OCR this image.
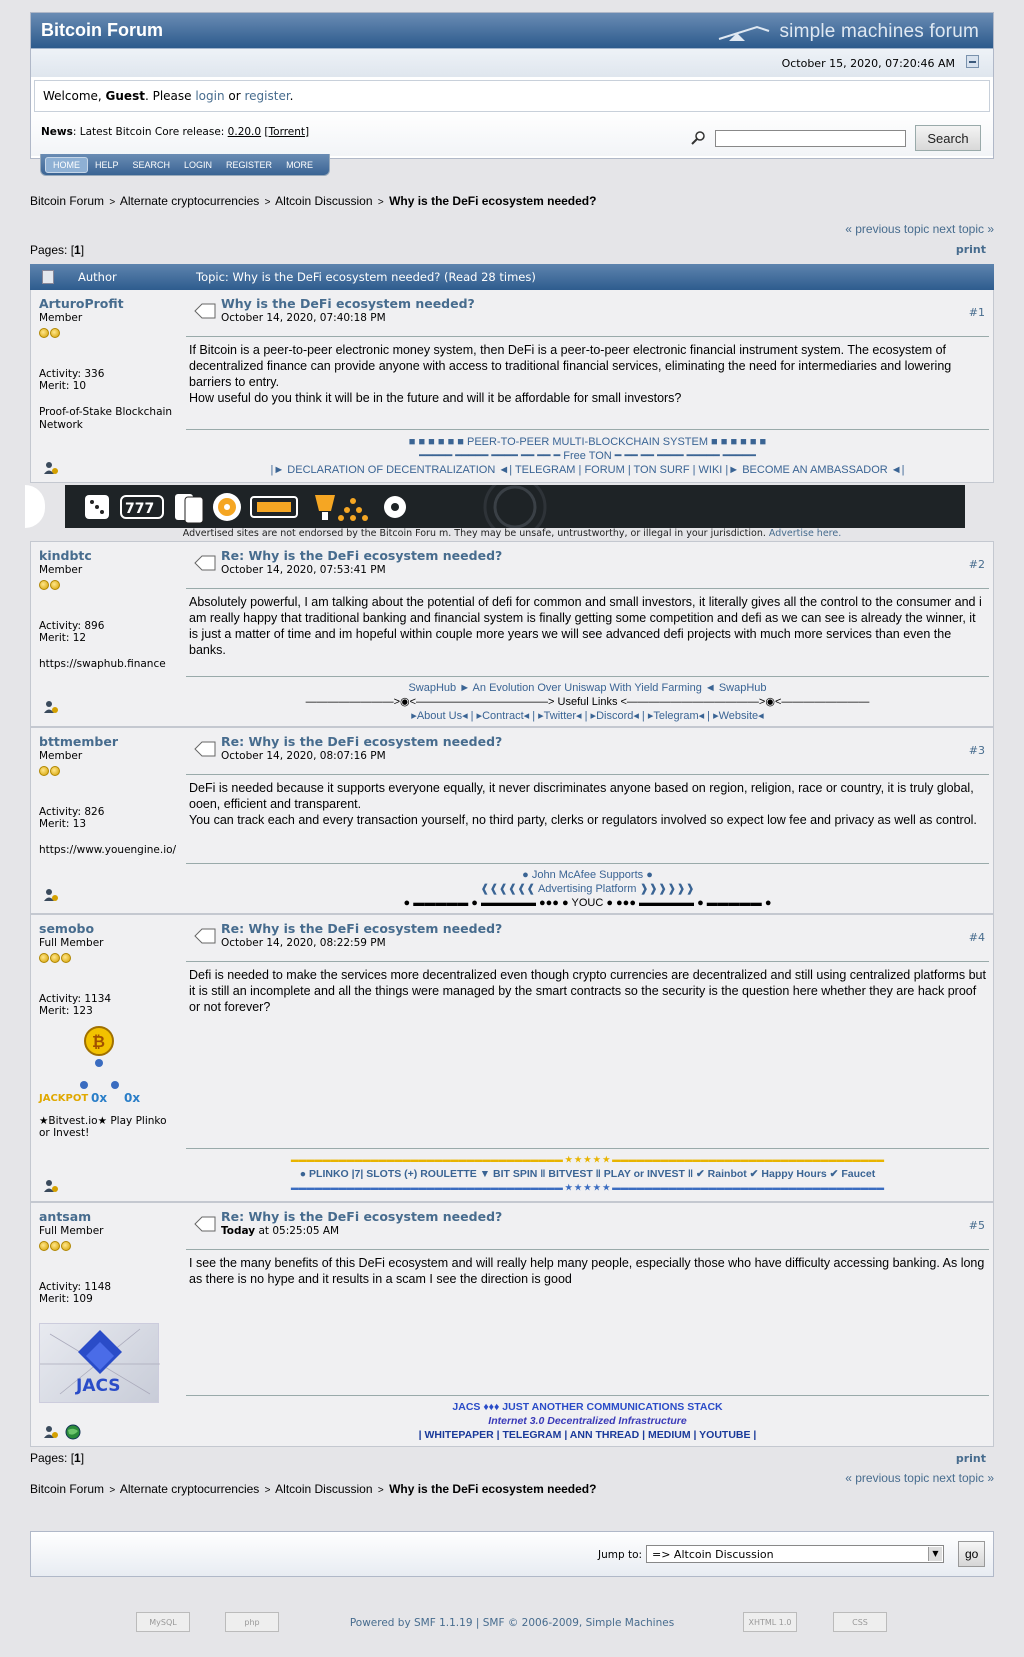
Bitcoin Forum	simple machines forum
October 15, 2020, 07:20:46 AM
Welcome, Guest. Please login or register.
News: Latest Bitcoin Core release: 0.20.0 [Torrent]	Search
HOME	HELP	SEARCH	LOGIN	REGISTER	MORE
Bitcoin Forum > Alternate cryptocurrencies > Altcoin Discussion > Why is the DeFi ecosystem needed?
« previous topic next topic »
Pages: [1]	print
Author	Topic: Why is the DeFi ecosystem needed? (Read 28 times)
ArturoProfit
Member
Activity: 336
Merit: 10
Proof-of-Stake Blockchain Network
Why is the DeFi ecosystem needed?
October 14, 2020, 07:40:18 PM	#1
If Bitcoin is a peer-to-peer electronic money system, then DeFi is a peer-to-peer electronic financial instrument system. The ecosystem of decentralized finance can provide anyone with access to traditional financial services, eliminating the need for intermediaries and lowering barriers to entry.
How useful do you think it will be in the future and will it be affordable for small investors?
■ ■ ■ ■ ■ ■ PEER-TO-PEER MULTI-BLOCKCHAIN SYSTEM ■ ■ ■ ■ ■ ■
━━━━━ ━━━━━ ━━━━ ━━ ━━ ━ Free TON ━ ━━ ━━ ━━━━ ━━━━━ ━━━━━
|► DECLARATION OF DECENTRALIZATION ◄| TELEGRAM | FORUM | TON SURF | WIKI |► BECOME AN AMBASSADOR ◄|
777
Advertised sites are not endorsed by the Bitcoin Foru m. They may be unsafe, untrustworthy, or illegal in your jurisdiction. Advertise here.
kindbtc
Member
Activity: 896
Merit: 12
https://swaphub.finance
Re: Why is the DeFi ecosystem needed?
October 14, 2020, 07:53:41 PM	#2
Absolutely powerful, I am talking about the potential of defi for common and small investors, it literally gives all the control to the consumer and i am really happy that traditional banking and financial system is finally getting some competition and defi as we can see is already the winner, it is just a matter of time and im hopeful within couple more years we will see advanced defi projects with much more services than even the banks.
SwapHub ► An Evolution Over Uniswap With Yield Farming ◄ SwapHub
————————>◉<————————————> Useful Links <————————————>◉<————————
▸About Us◂ | ▸Contract◂ | ▸Twitter◂ | ▸Discord◂ | ▸Telegram◂ | ▸Website◂
bttmember
Member
Activity: 826
Merit: 13
https://www.youengine.io/
Re: Why is the DeFi ecosystem needed?
October 14, 2020, 08:07:16 PM	#3
DeFi is needed because it supports everyone equally, it never discriminates anyone based on region, religion, race or country, it is truly global, ooen, efficient and transparent.
You can track each and every transaction yourself, no third party, clerks or regulators involved so expect low fee and privacy as well as control.
● John McAfee Supports ●
❰❰❰❰❰❰ Advertising Platform ❱❱❱❱❱❱
● ▬▬▬▬▬ ● ▬▬▬▬▬ ●●● ● YOUC ● ●●● ▬▬▬▬▬ ● ▬▬▬▬▬ ●
semobo
Full Member
Activity: 1134
Merit: 123
₿
JACKPOT 0x 0x
★Bitvest.io★ Play Plinko or Invest!
Re: Why is the DeFi ecosystem needed?
October 14, 2020, 08:22:59 PM	#4
Defi is needed to make the services more decentralized even though crypto currencies are decentralized and still using centralized platforms but it is still an incomplete and all the things were managed by the smart contracts so the security is the question here whether they are hack proof or not forever?
▬▬▬▬▬▬▬▬▬▬▬▬▬▬▬▬▬▬▬▬▬▬▬▬▬▬▬▬▬▬▬▬▬▬ ★ ★ ★ ★ ★ ▬▬▬▬▬▬▬▬▬▬▬▬▬▬▬▬▬▬▬▬▬▬▬▬▬▬▬▬▬▬▬▬▬▬
● PLINKO |7| SLOTS (+) ROULETTE ▼ BIT SPIN ‖ BITVEST ‖ PLAY or INVEST ‖ ✔ Rainbot ✔ Happy Hours ✔ Faucet
▬▬▬▬▬▬▬▬▬▬▬▬▬▬▬▬▬▬▬▬▬▬▬▬▬▬▬▬▬▬▬▬▬▬ ★ ★ ★ ★ ★ ▬▬▬▬▬▬▬▬▬▬▬▬▬▬▬▬▬▬▬▬▬▬▬▬▬▬▬▬▬▬▬▬▬▬
antsam
Full Member
Activity: 1148
Merit: 109
JACS
Re: Why is the DeFi ecosystem needed?
Today at 05:25:05 AM	#5
I see the many benefits of this DeFi ecosystem and will really help many people, especially those who have difficulty accessing banking. As long as there is no hype and it results in a scam I see the direction is good
JACS ♦♦♦ JUST ANOTHER COMMUNICATIONS STACK
Internet 3.0 Decentralized Infrastructure
| WHITEPAPER | TELEGRAM | ANN THREAD | MEDIUM | YOUTUBE |
Pages: [1]	print
« previous topic next topic »
Bitcoin Forum > Alternate cryptocurrencies > Altcoin Discussion > Why is the DeFi ecosystem needed?
Jump to: => Altcoin Discussion	▼	go
MySQL	php	Powered by SMF 1.1.19 | SMF © 2006-2009, Simple Machines	XHTML 1.0	CSS
